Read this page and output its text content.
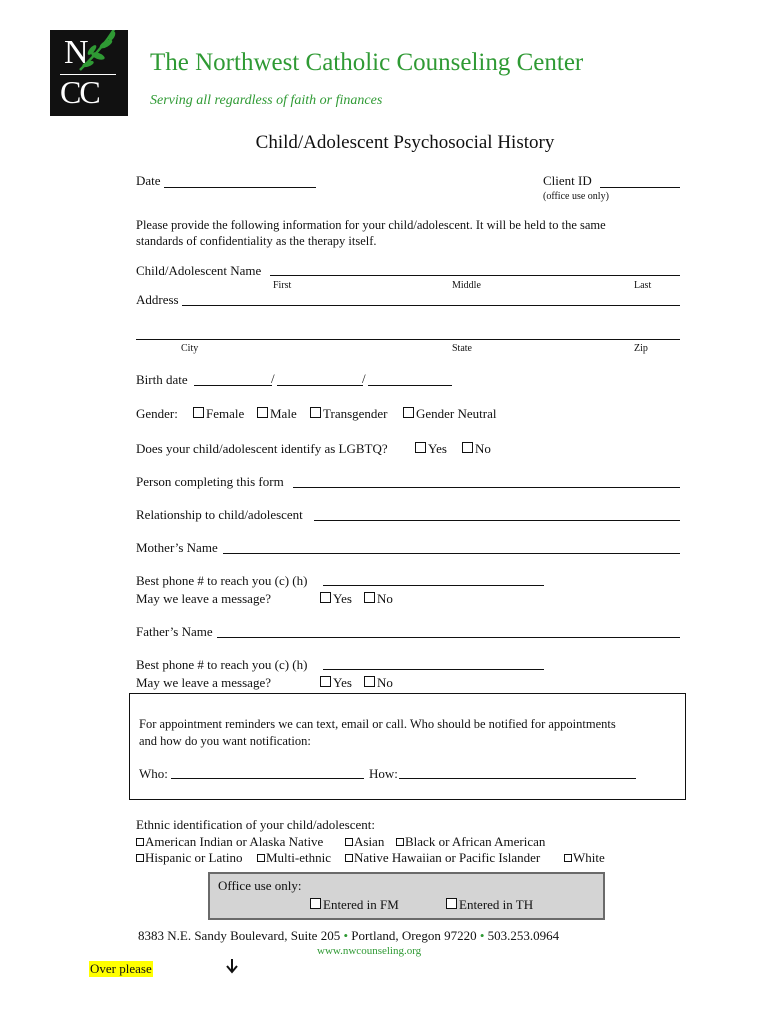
N
CC
The Northwest Catholic Counseling Center
Serving all regardless of faith or finances
Child/Adolescent Psychosocial History
Date	Client ID
(office use only)
Please provide the following information for your child/adolescent. It will be held to the same
standards of confidentiality as the therapy itself.
Child/Adolescent Name
First	Middle	Last
Address
City	State	Zip
Birth date	/	/
Gender:	Female	Male	Transgender	Gender Neutral
Does your child/adolescent identify as LGBTQ?	Yes	No
Person completing this form
Relationship to child/adolescent
Mother’s Name
Best phone # to reach you (c) (h)
May we leave a message?	Yes	No
Father’s Name
Best phone # to reach you (c) (h)
May we leave a message?	Yes	No
For appointment reminders we can text, email or call. Who should be notified for appointments
and how do you want notification:
Who:	How:
Ethnic identification of your child/adolescent:
American Indian or Alaska Native	Asian	Black or African American
Hispanic or Latino	Multi-ethnic	Native Hawaiian or Pacific Islander	White
Office use only:
Entered in FM	Entered in TH
8383 N.E. Sandy Boulevard, Suite 205 • Portland, Oregon 97220 • 503.253.0964
www.nwcounseling.org
Over please
